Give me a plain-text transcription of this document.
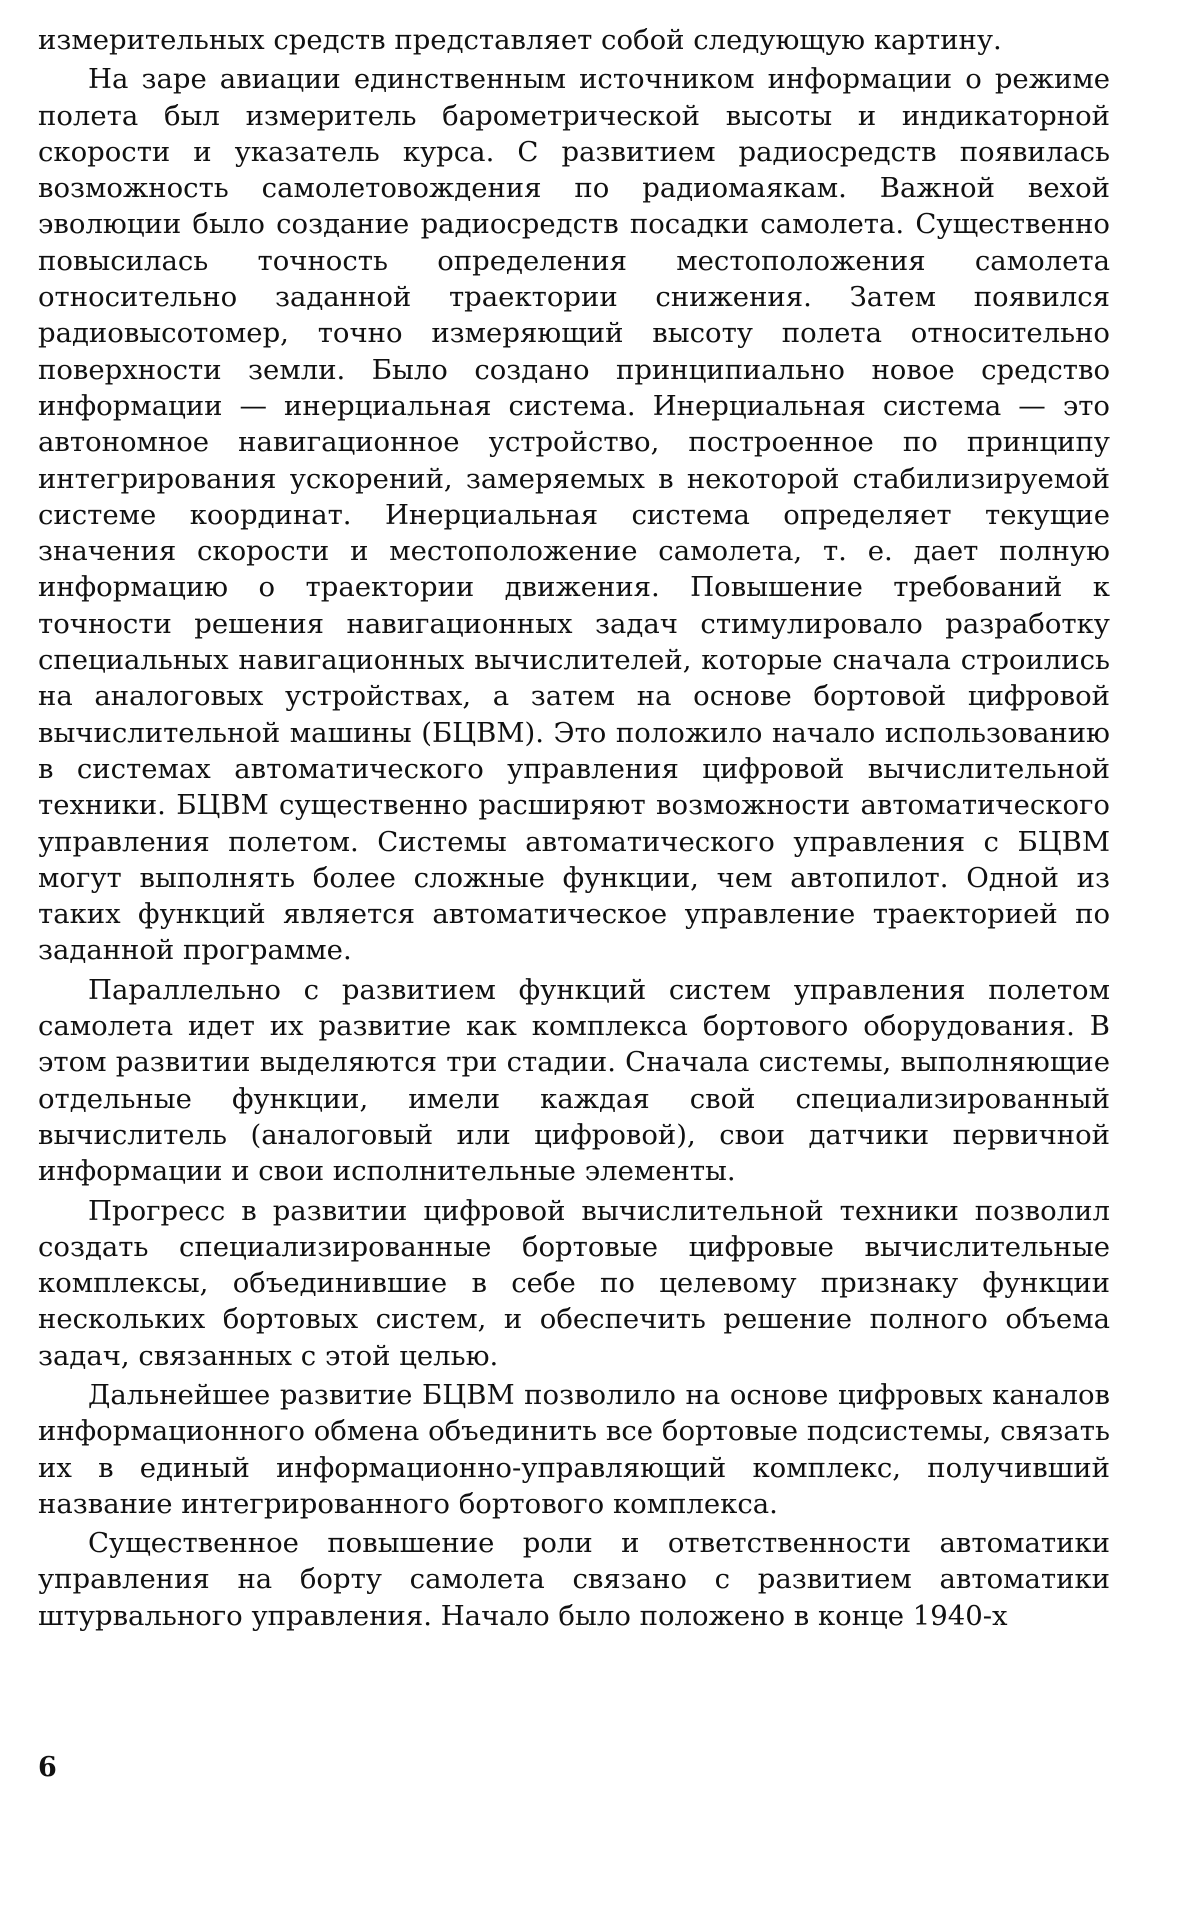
измерительных средств представляет собой следующую картину.

На заре авиации единственным источником информации о режиме полета был измеритель барометрической высоты и индикаторной скорости и указатель курса. С развитием радиосредств появилась возможность самолетовождения по радиомаякам. Важной вехой эволюции было создание радиосредств посадки самолета. Существенно повысилась точность определения местоположения самолета относительно заданной траектории снижения. Затем появился радиовысотомер, точно измеряющий высоту полета относительно поверхности земли. Было создано принципиально новое средство информации — инерциальная система. Инерциальная система — это автономное навигационное устройство, построенное по принципу интегрирования ускорений, замеряемых в некоторой стабилизируемой системе координат. Инерциальная система определяет текущие значения скорости и местоположение самолета, т. е. дает полную информацию о траектории движения. Повышение требований к точности решения навигационных задач стимулировало разработку специальных навигационных вычислителей, которые сначала строились на аналоговых устройствах, а затем на основе бортовой цифровой вычислительной машины (БЦВМ). Это положило начало использованию в системах автоматического управления цифровой вычислительной техники. БЦВМ существенно расширяют возможности автоматического управления полетом. Системы автоматического управления с БЦВМ могут выполнять более сложные функции, чем автопилот. Одной из таких функций является автоматическое управление траекторией по заданной программе.

Параллельно с развитием функций систем управления полетом самолета идет их развитие как комплекса бортового оборудования. В этом развитии выделяются три стадии. Сначала системы, выполняющие отдельные функции, имели каждая свой специализированный вычислитель (аналоговый или цифровой), свои датчики первичной информации и свои исполнительные элементы.

Прогресс в развитии цифровой вычислительной техники позволил создать специализированные бортовые цифровые вычислительные комплексы, объединившие в себе по целевому признаку функции нескольких бортовых систем, и обеспечить решение полного объема задач, связанных с этой целью.

Дальнейшее развитие БЦВМ позволило на основе цифровых каналов информационного обмена объединить все бортовые подсистемы, связать их в единый информационно-управляющий комплекс, получивший название интегрированного бортового комплекса.

Существенное повышение роли и ответственности автоматики управления на борту самолета связано с развитием автоматики штурвального управления. Начало было положено в конце 1940-х

6
